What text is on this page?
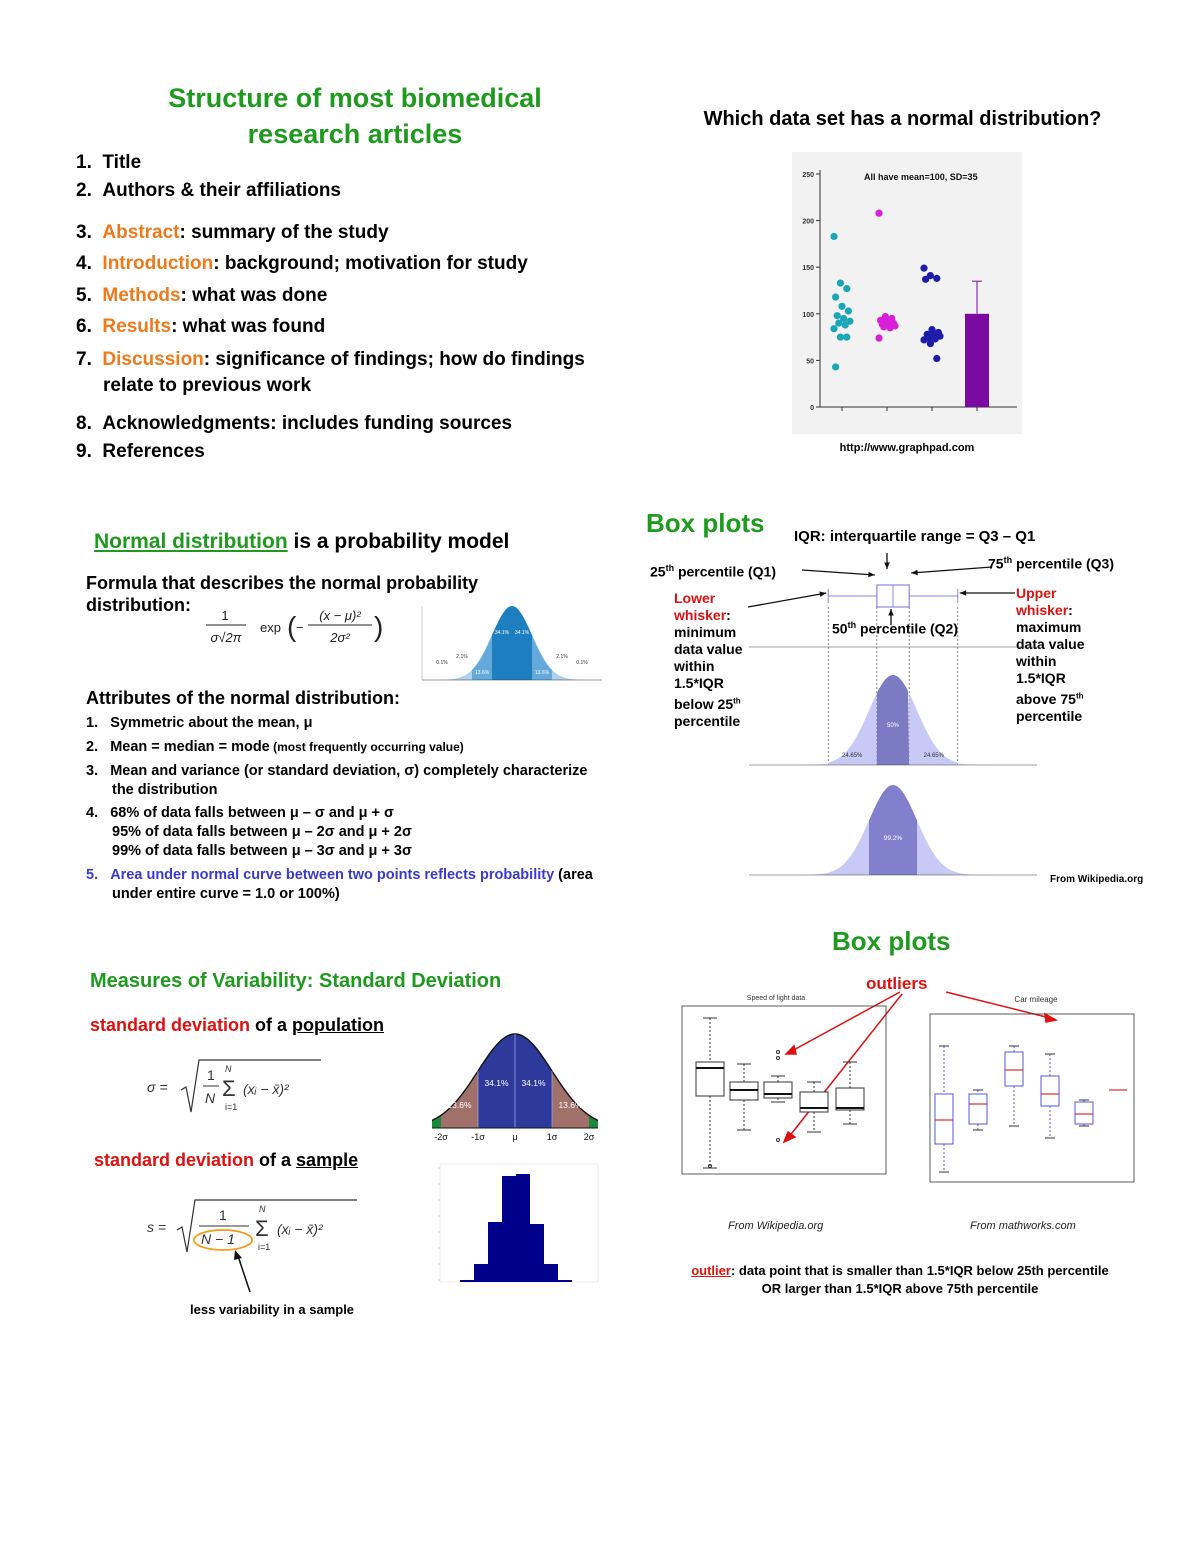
Structure of most biomedical
research articles
1. Title
2. Authors & their affiliations
3. Abstract: summary of the study
4. Introduction: background; motivation for study
5. Methods: what was done
6. Results: what was found
7. Discussion: significance of findings; how do findings relate to previous work
8. Acknowledgments: includes funding sources
9. References
Which data set has a normal distribution?
All have mean=100, SD=35
0
50
100
150
200
250
http://www.graphpad.com
Normal distribution is a probability model
Formula that describes the normal probability distribution:
1
σ√2π
exp ( −
(x − μ)²
2σ² )
0.1%
2.1%
13.6%
34.1% 34.1%
13.6%
2.1%
0.1%
Attributes of the normal distribution:
1. Symmetric about the mean, μ
2. Mean = median = mode (most frequently occurring value)
3. Mean and variance (or standard deviation, σ) completely characterize the distribution
4. 68% of data falls between μ – σ and μ + σ
95% of data falls between μ – 2σ and μ + 2σ
99% of data falls between μ – 3σ and μ + 3σ
5. Area under normal curve between two points reflects probability (area under entire curve = 1.0 or 100%)
Measures of Variability: Standard Deviation
standard deviation of a population
σ =
1
N
N
Σ
i=1
(xᵢ − x̄)²
13.6%
34.1% 34.1%
13.6%
-2σ	-1σ	μ	1σ	2σ
standard deviation of a sample
s =
1
N − 1
N
Σ
i=1
(xᵢ − x̄)²
less variability in a sample
Box plots IQR: interquartile range = Q3 – Q1
25th percentile (Q1)	75th percentile (Q3)
50th percentile (Q2)
Lower whisker: minimum data value within 1.5*IQR below 25th percentile
Upper whisker: maximum data value within 1.5*IQR above 75th percentile
50%
24.65%	24.65%
99.2%
From Wikipedia.org
Box plots
outliers
Speed of light data
From Wikipedia.org
Car mileage
+
From mathworks.com
outlier: data point that is smaller than 1.5*IQR below 25th percentile
OR larger than 1.5*IQR above 75th percentile
